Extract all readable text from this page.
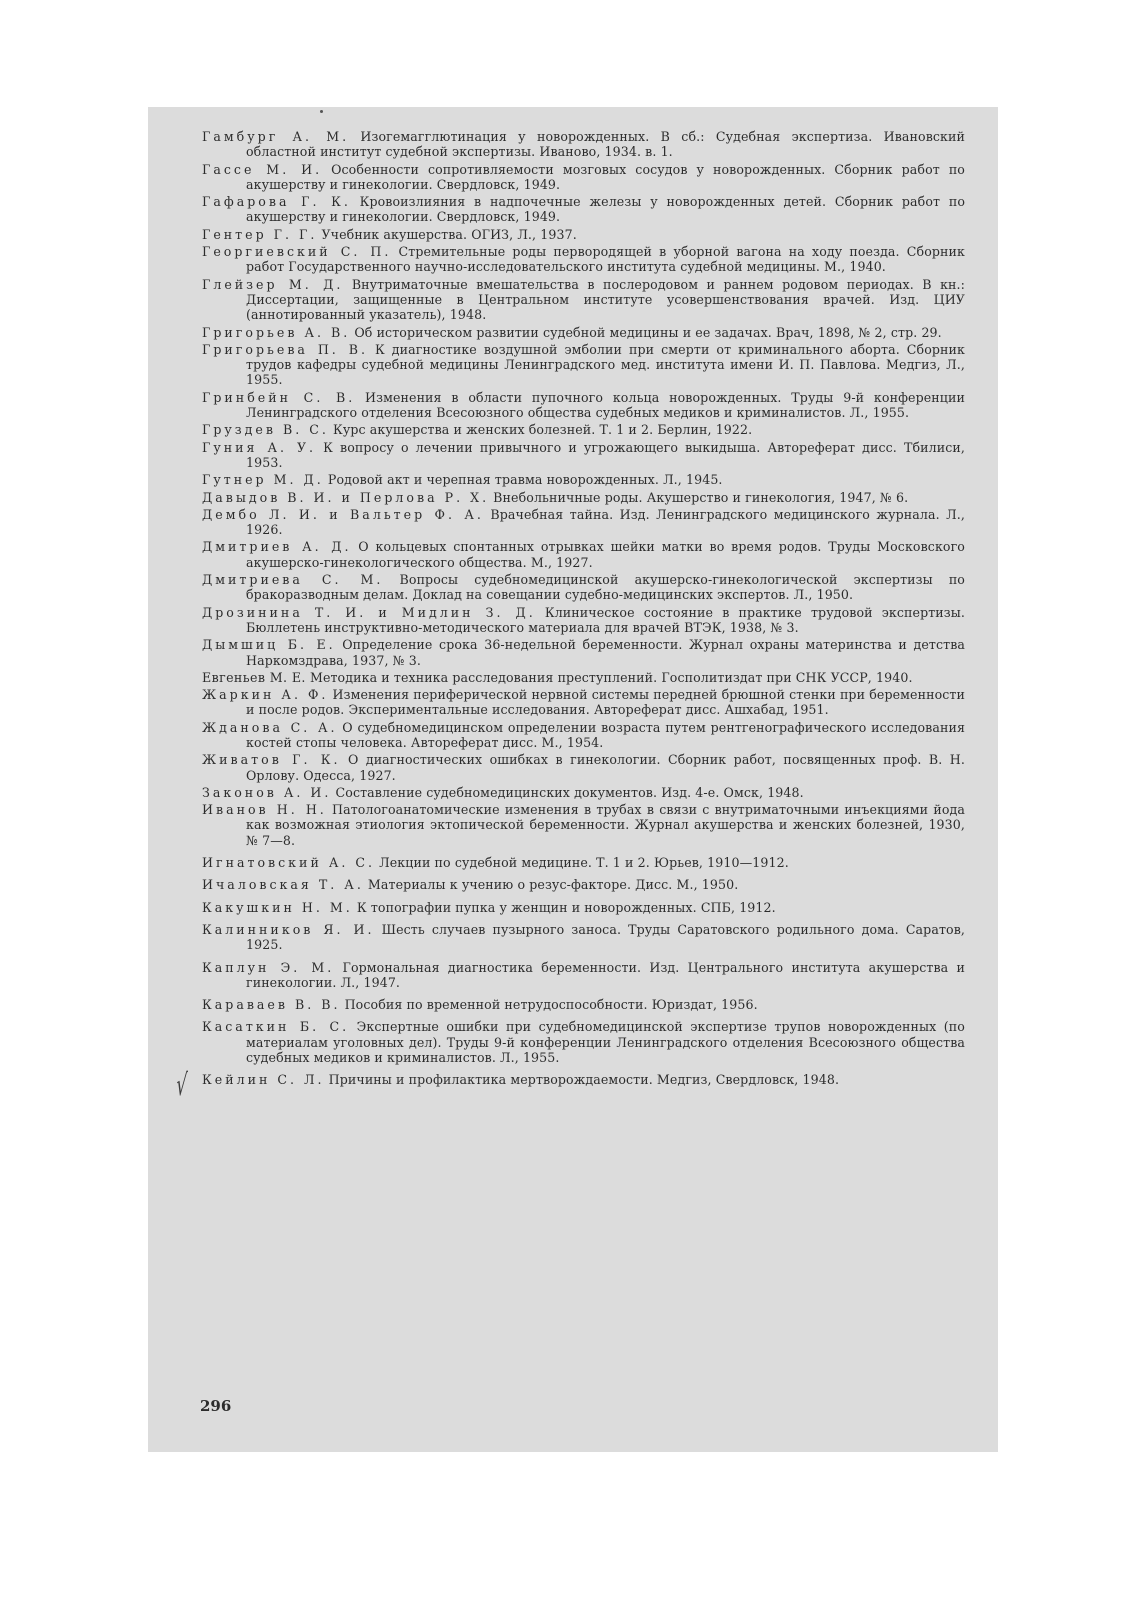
√

Гамбург А. М. Изогемагглютинация у новорожденных. В сб.: Судебная экспертиза. Ивановский областной институт судебной экспертизы. Иваново, 1934. в. 1.

Гассе М. И. Особенности сопротивляемости мозговых сосудов у новорожденных. Сборник работ по акушерству и гинекологии. Свердловск, 1949.

Гафарова Г. К. Кровоизлияния в надпочечные железы у новорожденных детей. Сборник работ по акушерству и гинекологии. Свердловск, 1949.

Гентер Г. Г. Учебник акушерства. ОГИЗ, Л., 1937.

Георгиевский С. П. Стремительные роды первородящей в уборной вагона на ходу поезда. Сборник работ Государственного научно-исследовательского института судебной медицины. М., 1940.

Глейзер М. Д. Внутриматочные вмешательства в послеродовом и раннем родовом периодах. В кн.: Диссертации, защищенные в Центральном институте усовершенствования врачей. Изд. ЦИУ (аннотированный указатель), 1948.

Григорьев А. В. Об историческом развитии судебной медицины и ее задачах. Врач, 1898, № 2, стр. 29.

Григорьева П. В. К диагностике воздушной эмболии при смерти от криминального аборта. Сборник трудов кафедры судебной медицины Ленинградского мед. института имени И. П. Павлова. Медгиз, Л., 1955.

Гринбейн С. В. Изменения в области пупочного кольца новорожденных. Труды 9-й конференции Ленинградского отделения Всесоюзного общества судебных медиков и криминалистов. Л., 1955.

Груздев В. С. Курс акушерства и женских болезней. Т. 1 и 2. Берлин, 1922.

Гуния А. У. К вопросу о лечении привычного и угрожающего выкидыша. Автореферат дисс. Тбилиси, 1953.

Гутнер М. Д. Родовой акт и черепная травма новорожденных. Л., 1945.

Давыдов В. И. и Перлова Р. Х. Внебольничные роды. Акушерство и гинекология, 1947, № 6.

Дембо Л. И. и Вальтер Ф. А. Врачебная тайна. Изд. Ленинградского медицинского журнала. Л., 1926.

Дмитриев А. Д. О кольцевых спонтанных отрывках шейки матки во время родов. Труды Московского акушерско-гинекологического общества. М., 1927.

Дмитриева С. М. Вопросы судебномедицинской акушерско-гинекологической экспертизы по бракоразводным делам. Доклад на совещании судебно-медицинских экспертов. Л., 1950.

Дрозинина Т. И. и Мидлин З. Д. Клиническое состояние в практике трудовой экспертизы. Бюллетень инструктивно-методического материала для врачей ВТЭК, 1938, № 3.

Дымшиц Б. Е. Определение срока 36-недельной беременности. Журнал охраны материнства и детства Наркомздрава, 1937, № 3.

Евгеньев М. Е. Методика и техника расследования преступлений. Госполитиздат при СНК УССР, 1940.

Жаркин А. Ф. Изменения периферической нервной системы передней брюшной стенки при беременности и после родов. Экспериментальные исследования. Автореферат дисс. Ашхабад, 1951.

Жданова С. А. О судебномедицинском определении возраста путем рентгенографического исследования костей стопы человека. Автореферат дисс. М., 1954.

Живатов Г. К. О диагностических ошибках в гинекологии. Сборник работ, посвященных проф. В. Н. Орлову. Одесса, 1927.

Законов А. И. Составление судебномедицинских документов. Изд. 4-е. Омск, 1948.

Иванов Н. Н. Патологоанатомические изменения в трубах в связи с внутриматочными инъекциями йода как возможная этиология эктопической беременности. Журнал акушерства и женских болезней, 1930, № 7—8.

Игнатовский А. С. Лекции по судебной медицине. Т. 1 и 2. Юрьев, 1910—1912.

Ичаловская Т. А. Материалы к учению о резус-факторе. Дисс. М., 1950.

Какушкин Н. М. К топографии пупка у женщин и новорожденных. СПБ, 1912.

Калинников Я. И. Шесть случаев пузырного заноса. Труды Саратовского родильного дома. Саратов, 1925.

Каплун Э. М. Гормональная диагностика беременности. Изд. Центрального института акушерства и гинекологии. Л., 1947.

Караваев В. В. Пособия по временной нетрудоспособности. Юриздат, 1956.

Касаткин Б. С. Экспертные ошибки при судебномедицинской экспертизе трупов новорожденных (по материалам уголовных дел). Труды 9-й конференции Ленинградского отделения Всесоюзного общества судебных медиков и криминалистов. Л., 1955.

Кейлин С. Л. Причины и профилактика мертворождаемости. Медгиз, Свердловск, 1948.

296
